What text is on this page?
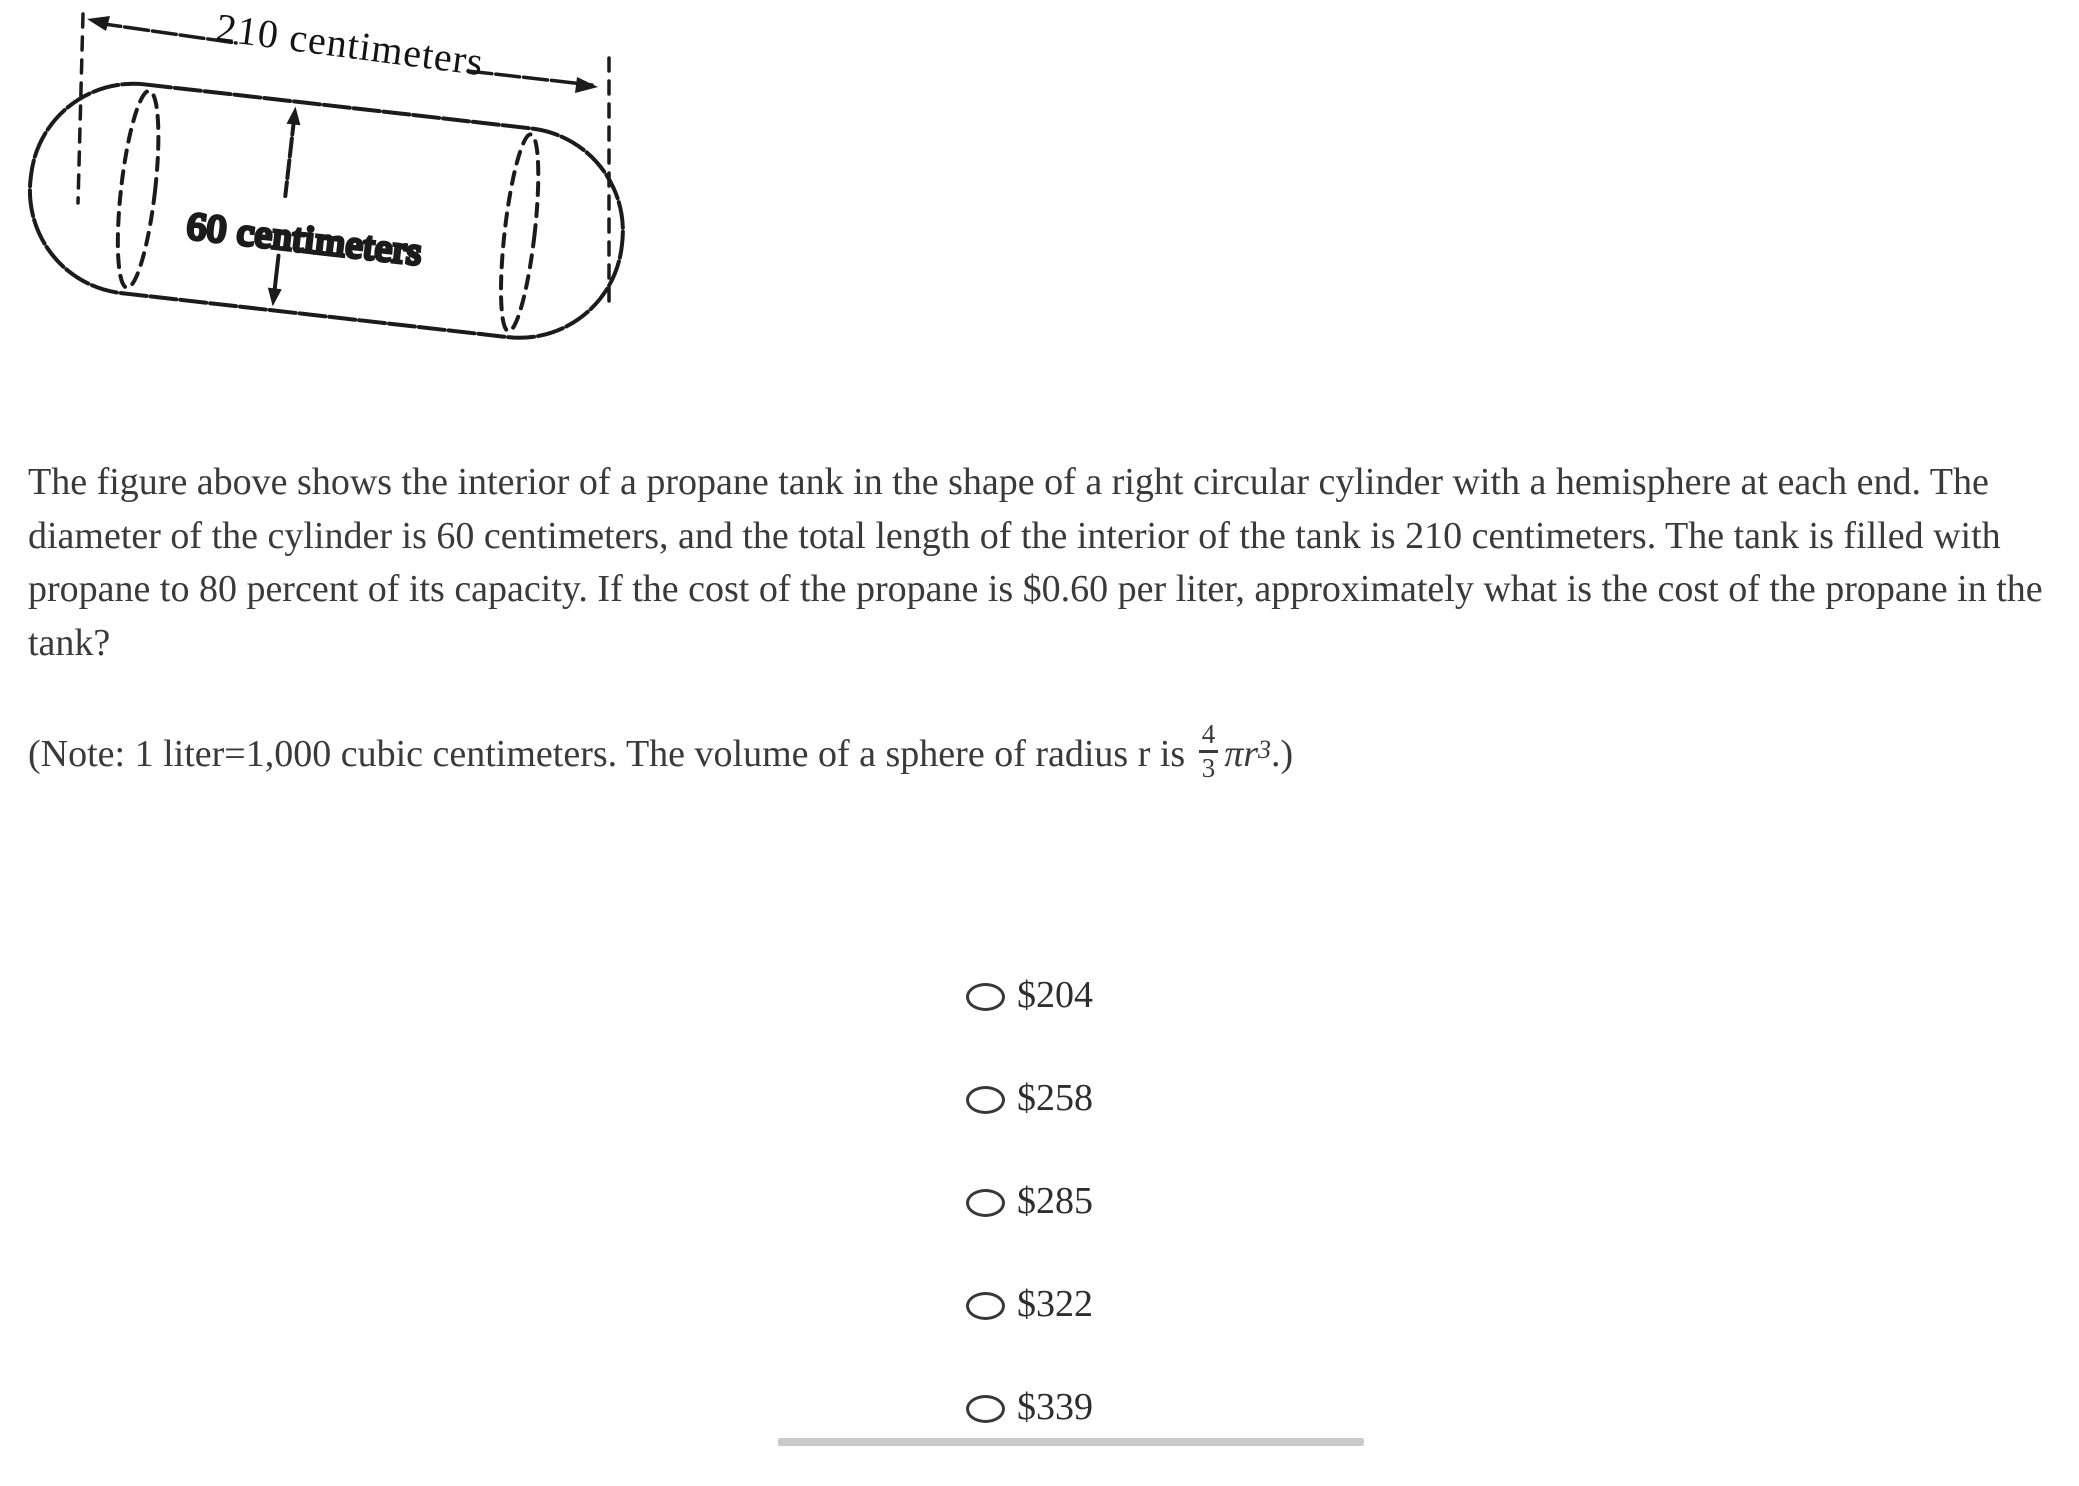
60 centimeters
210 centimeters
The figure above shows the interior of a propane tank in the shape of a right circular cylinder with a hemisphere at each end. The
diameter of the cylinder is 60 centimeters, and the total length of the interior of the tank is 210 centimeters. The tank is filled with
propane to 80 percent of its capacity. If the cost of the propane is $0.60 per liter, approximately what is the cost of the propane in the
tank?
(Note: 1 liter=1,000 cubic centimeters. The volume of a sphere of radius r is
$\frac{4}{3}$ πr 3 .)
$204
$258
$285
$322
$339
